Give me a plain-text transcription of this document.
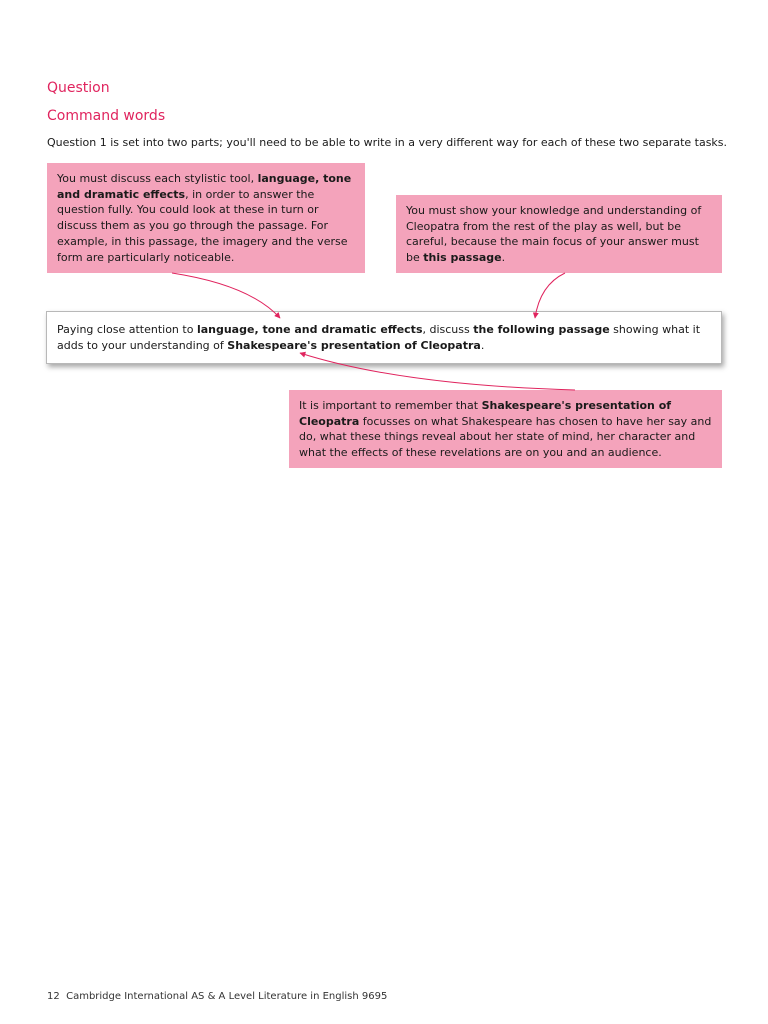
Question
Command words

Question 1 is set into two parts; you'll need to be able to write in a very different way for each of these two separate tasks.

You must discuss each stylistic tool, language, tone and dramatic effects, in order to answer the question fully. You could look at these in turn or discuss them as you go through the passage. For example, in this passage, the imagery and the verse form are particularly noticeable.
You must show your knowledge and understanding of Cleopatra from the rest of the play as well, but be careful, because the main focus of your answer must be this passage.
Paying close attention to language, tone and dramatic effects, discuss the following passage showing what it adds to your understanding of Shakespeare's presentation of Cleopatra.
It is important to remember that Shakespeare's presentation of Cleopatra focusses on what Shakespeare has chosen to have her say and do, what these things reveal about her state of mind, her character and what the effects of these revelations are on you and an audience.

12 Cambridge International AS & A Level Literature in English 9695
